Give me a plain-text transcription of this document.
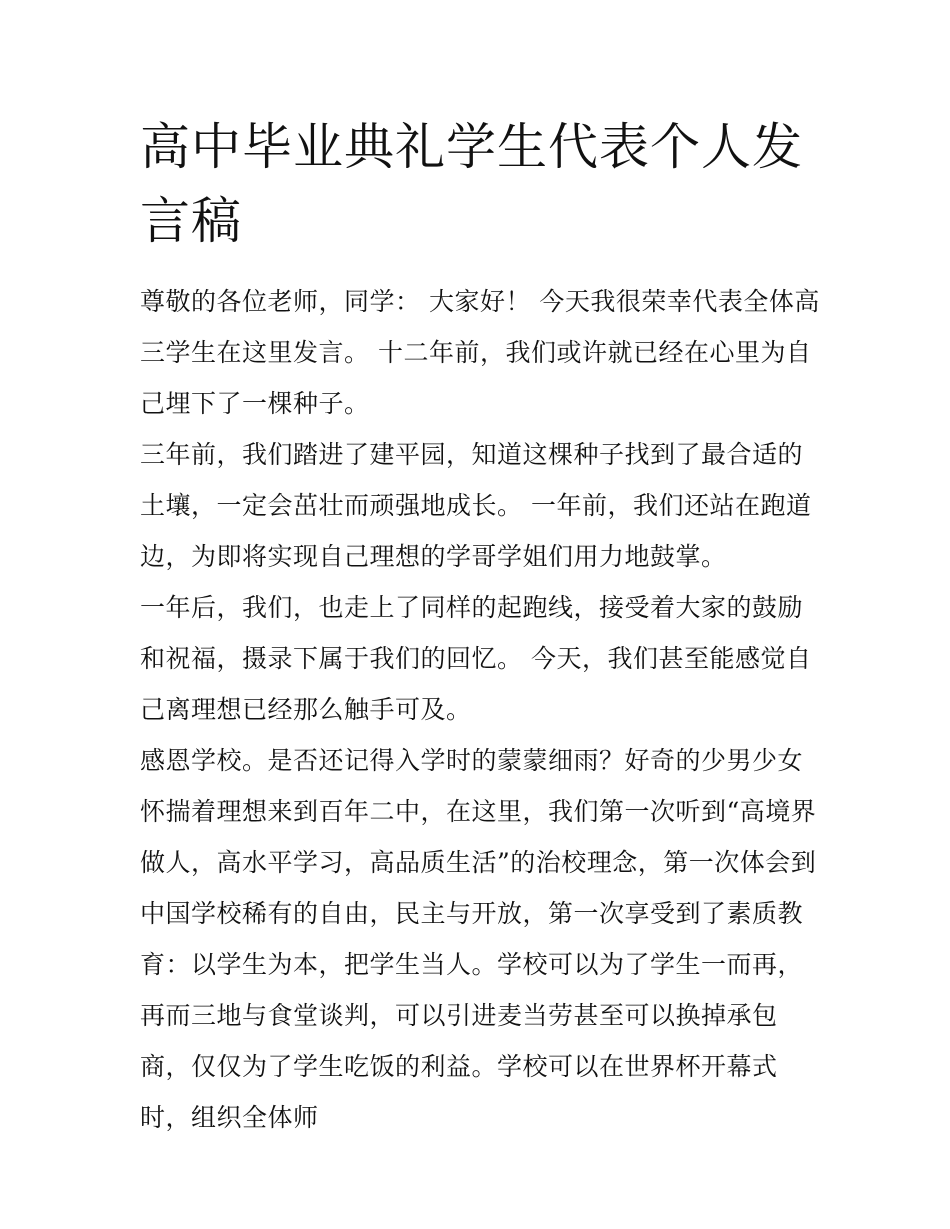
高中毕业典礼学生代表个人发言稿

尊敬的各位老师，同学： 大家好！ 今天我很荣幸代表全体高三学生在这里发言。 十二年前，我们或许就已经在心里为自己埋下了一棵种子。

三年前，我们踏进了建平园，知道这棵种子找到了最合适的土壤，一定会茁壮而顽强地成长。 一年前，我们还站在跑道边，为即将实现自己理想的学哥学姐们用力地鼓掌。

一年后，我们，也走上了同样的起跑线，接受着大家的鼓励和祝福，摄录下属于我们的回忆。 今天，我们甚至能感觉自己离理想已经那么触手可及。

感恩学校。是否还记得入学时的蒙蒙细雨？好奇的少男少女怀揣着理想来到百年二中，在这里，我们第一次听到“高境界做人，高水平学习，高品质生活”的治校理念，第一次体会到中国学校稀有的自由，民主与开放，第一次享受到了素质教育：以学生为本，把学生当人。学校可以为了学生一而再，再而三地与食堂谈判，可以引进麦当劳甚至可以换掉承包商，仅仅为了学生吃饭的利益。学校可以在世界杯开幕式时，组织全体师
